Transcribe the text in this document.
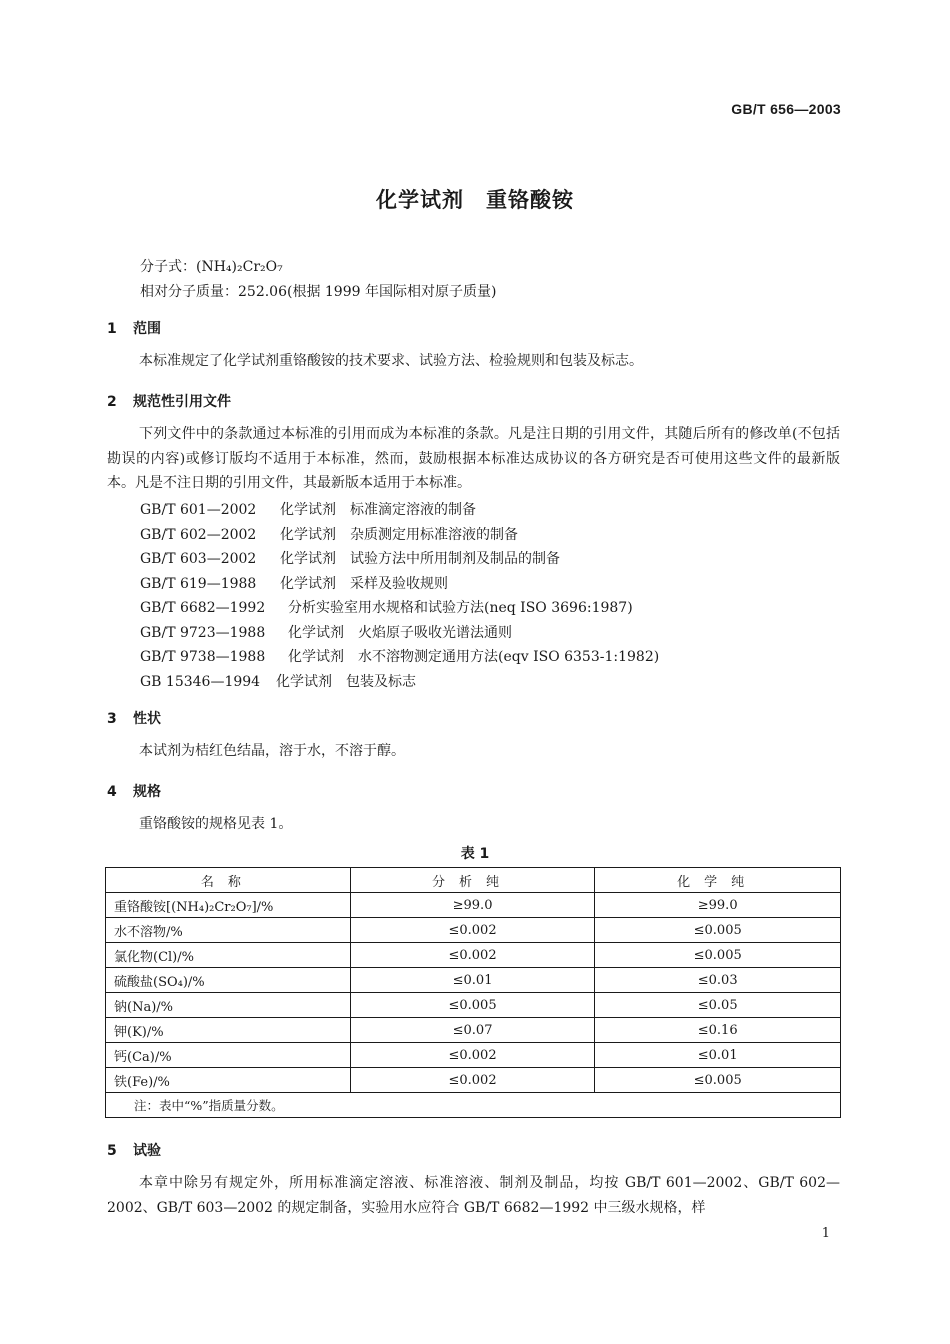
GB/T 656—2003
化学试剂　重铬酸铵
分子式：(NH₄)₂Cr₂O₇
相对分子质量：252.06(根据 1999 年国际相对原子质量)
1 范围

本标准规定了化学试剂重铬酸铵的技术要求、试验方法、检验规则和包装及标志。

2 规范性引用文件

下列文件中的条款通过本标准的引用而成为本标准的条款。凡是注日期的引用文件，其随后所有的修改单(不包括勘误的内容)或修订版均不适用于本标准，然而，鼓励根据本标准达成协议的各方研究是否可使用这些文件的最新版本。凡是不注日期的引用文件，其最新版本适用于本标准。

GB/T 601—2002 化学试剂　标准滴定溶液的制备
GB/T 602—2002 化学试剂　杂质测定用标准溶液的制备
GB/T 603—2002 化学试剂　试验方法中所用制剂及制品的制备
GB/T 619—1988 化学试剂　采样及验收规则
GB/T 6682—1992 分析实验室用水规格和试验方法(neq ISO 3696:1987)
GB/T 9723—1988 化学试剂　火焰原子吸收光谱法通则
GB/T 9738—1988 化学试剂　水不溶物测定通用方法(eqv ISO 6353-1:1982)
GB 15346—1994 化学试剂　包装及标志
3 性状

本试剂为桔红色结晶，溶于水，不溶于醇。

4 规格

重铬酸铵的规格见表 1。

表 1
名称	分析纯	化学纯
重铬酸铵[(NH₄)₂Cr₂O₇]/%	≥99.0	≥99.0
水不溶物/%	≤0.002	≤0.005
氯化物(Cl)/%	≤0.002	≤0.005
硫酸盐(SO₄)/%	≤0.01	≤0.03
钠(Na)/%	≤0.005	≤0.05
钾(K)/%	≤0.07	≤0.16
钙(Ca)/%	≤0.002	≤0.01
铁(Fe)/%	≤0.002	≤0.005
注：表中“%”指质量分数。		
5 试验

本章中除另有规定外，所用标准滴定溶液、标准溶液、制剂及制品，均按 GB/T 601—2002、GB/T 602—2002、GB/T 603—2002 的规定制备，实验用水应符合 GB/T 6682—1992 中三级水规格，样

1
